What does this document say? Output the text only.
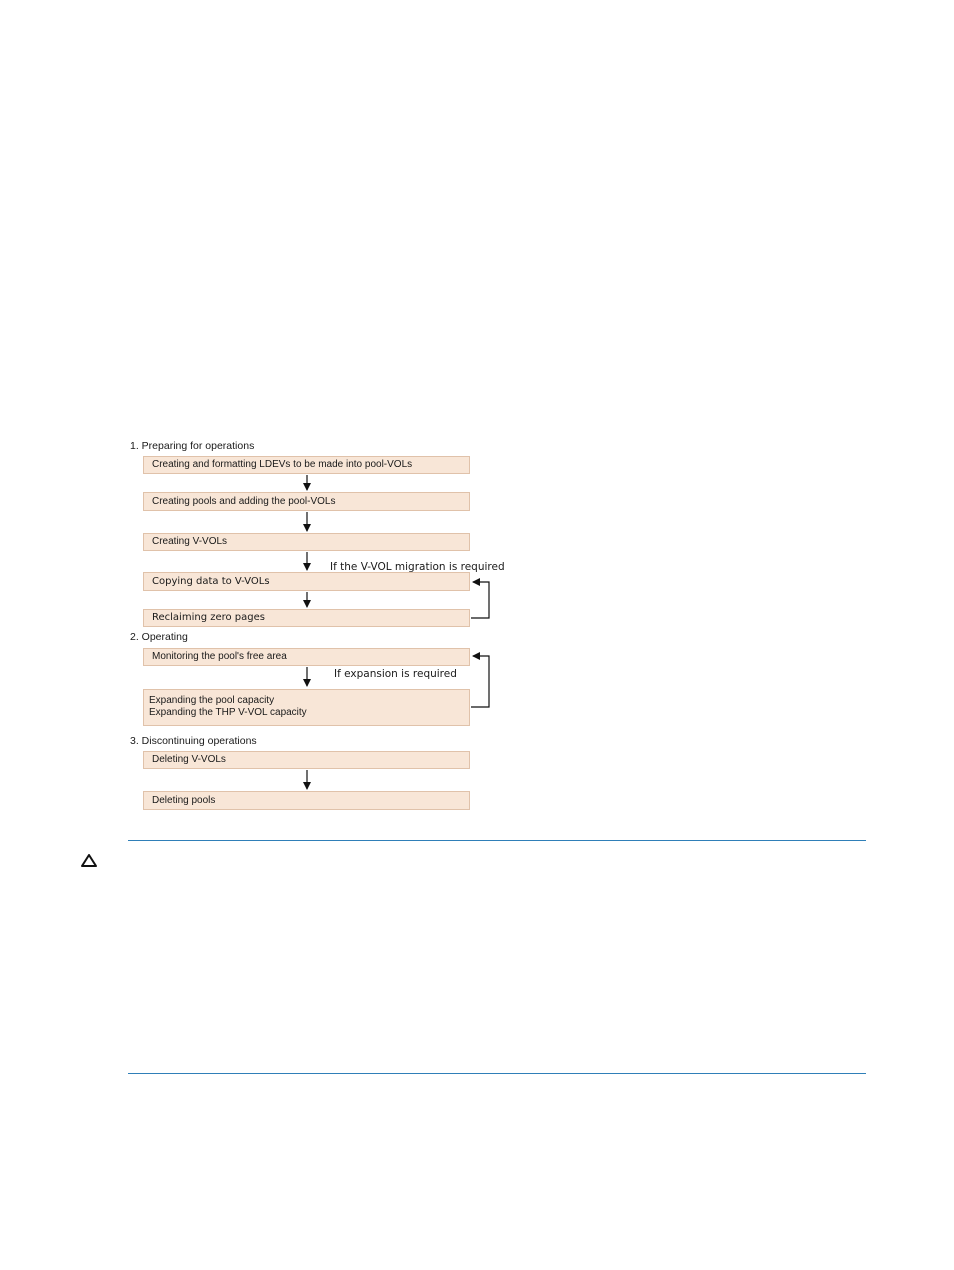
1. Preparing for operations
2. Operating
3. Discontinuing operations
Creating and formatting LDEVs to be made into pool-VOLs
Creating pools and adding the pool-VOLs
Creating V-VOLs
Copying data to V-VOLs
Reclaiming zero pages
Monitoring the pool's free area
Expanding the pool capacity
Expanding the THP V-VOL capacity
Deleting V-VOLs
Deleting pools
If the V-VOL migration is required
If expansion is required
